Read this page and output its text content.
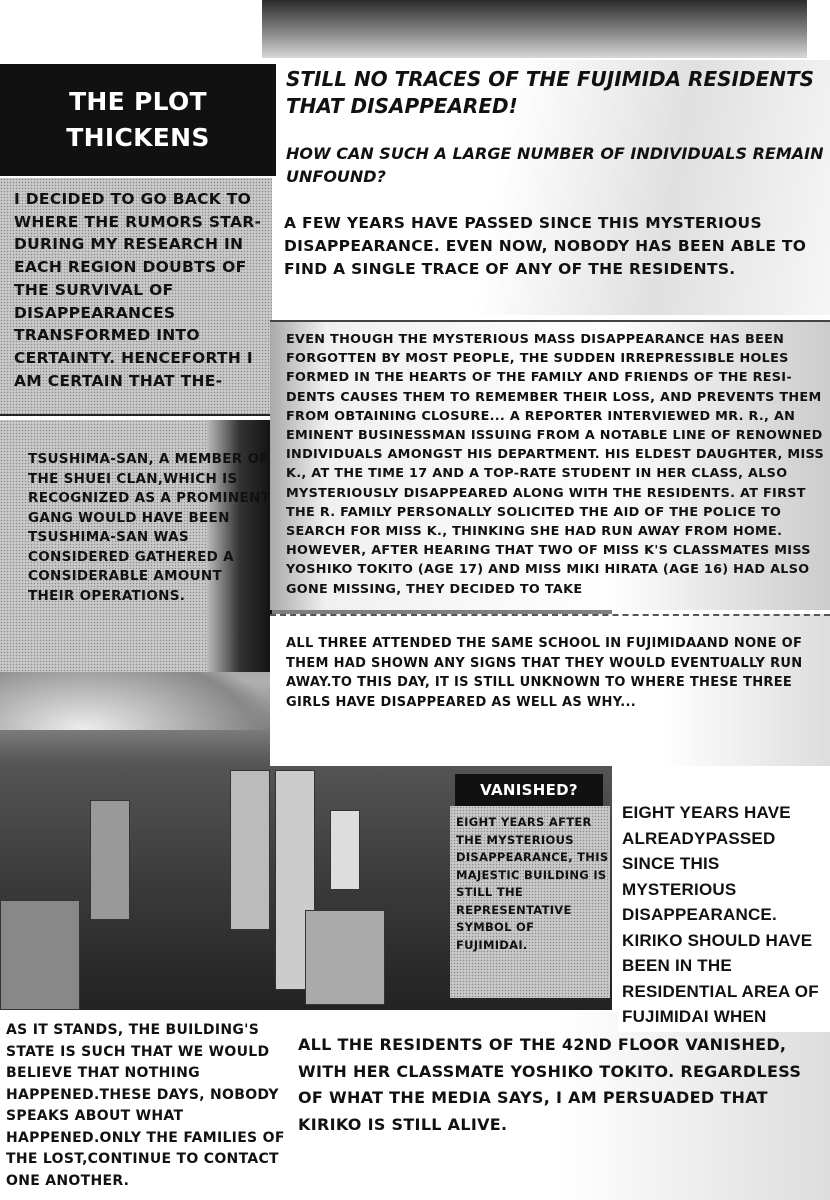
THE PLOT THICKENS

I DECIDED TO GO BACK TO WHERE THE RUMORS STAR- DURING MY RESEARCH IN EACH REGION DOUBTS OF THE SURVIVAL OF DISAPPEARANCES TRANSFORMED INTO CERTAINTY. HENCEFORTH I AM CERTAIN THAT THE-

TSUSHIMA-SAN, A MEMBER OF THE SHUEI CLAN,WHICH IS RECOGNIZED AS A PROMINENT GANG WOULD HAVE BEEN TSUSHIMA-SAN WAS CONSIDERED GATHERED A CONSIDERABLE AMOUNT THEIR OPERATIONS.

STILL NO TRACES OF THE FUJIMIDA RESIDENTS THAT DISAPPEARED!
HOW CAN SUCH A LARGE NUMBER OF INDIVIDUALS REMAIN UNFOUND?

A FEW YEARS HAVE PASSED SINCE THIS MYSTERIOUS DISAPPEARANCE. EVEN NOW, NOBODY HAS BEEN ABLE TO FIND A SINGLE TRACE OF ANY OF THE RESIDENTS.

EVEN THOUGH THE MYSTERIOUS MASS DISAPPEARANCE HAS BEEN FORGOTTEN BY MOST PEOPLE, THE SUDDEN IRREPRESSIBLE HOLES FORMED IN THE HEARTS OF THE FAMILY AND FRIENDS OF THE RESI- DENTS CAUSES THEM TO REMEMBER THEIR LOSS, AND PREVENTS THEM FROM OBTAINING CLOSURE... A REPORTER INTERVIEWED MR. R., AN EMINENT BUSINESSMAN ISSUING FROM A NOTABLE LINE OF RENOWNED INDIVIDUALS AMONGST HIS DEPARTMENT. HIS ELDEST DAUGHTER, MISS K., AT THE TIME 17 AND A TOP-RATE STUDENT IN HER CLASS, ALSO MYSTERIOUSLY DISAPPEARED ALONG WITH THE RESIDENTS. AT FIRST THE R. FAMILY PERSONALLY SOLICITED THE AID OF THE POLICE TO SEARCH FOR MISS K., THINKING SHE HAD RUN AWAY FROM HOME. HOWEVER, AFTER HEARING THAT TWO OF MISS K'S CLASSMATES MISS YOSHIKO TOKITO (AGE 17) AND MISS MIKI HIRATA (AGE 16) HAD ALSO GONE MISSING, THEY DECIDED TO TAKE

ALL THREE ATTENDED THE SAME SCHOOL IN FUJIMIDAAND NONE OF THEM HAD SHOWN ANY SIGNS THAT THEY WOULD EVENTUALLY RUN AWAY.TO THIS DAY, IT IS STILL UNKNOWN TO WHERE THESE THREE GIRLS HAVE DISAPPEARED AS WELL AS WHY...

VANISHED?

EIGHT YEARS AFTER THE MYSTERIOUS DISAPPEARANCE, THIS MAJESTIC BUILDING IS STILL THE REPRESENTATIVE SYMBOL OF FUJIMIDAI.

AS IT STANDS, THE BUILDING'S STATE IS SUCH THAT WE WOULD BELIEVE THAT NOTHING HAPPENED.THESE DAYS, NOBODY SPEAKS ABOUT WHAT HAPPENED.ONLY THE FAMILIES OF THE LOST,CONTINUE TO CONTACT ONE ANOTHER.

ALL THE RESIDENTS OF THE 42ND FLOOR VANISHED, WITH HER CLASSMATE YOSHIKO TOKITO. REGARDLESS OF WHAT THE MEDIA SAYS, I AM PERSUADED THAT KIRIKO IS STILL ALIVE.

EIGHT YEARS HAVE ALREADYPASSED SINCE THIS MYSTERIOUS DISAPPEARANCE. KIRIKO SHOULD HAVE BEEN IN THE RESIDENTIAL AREA OF FUJIMIDAI WHEN
